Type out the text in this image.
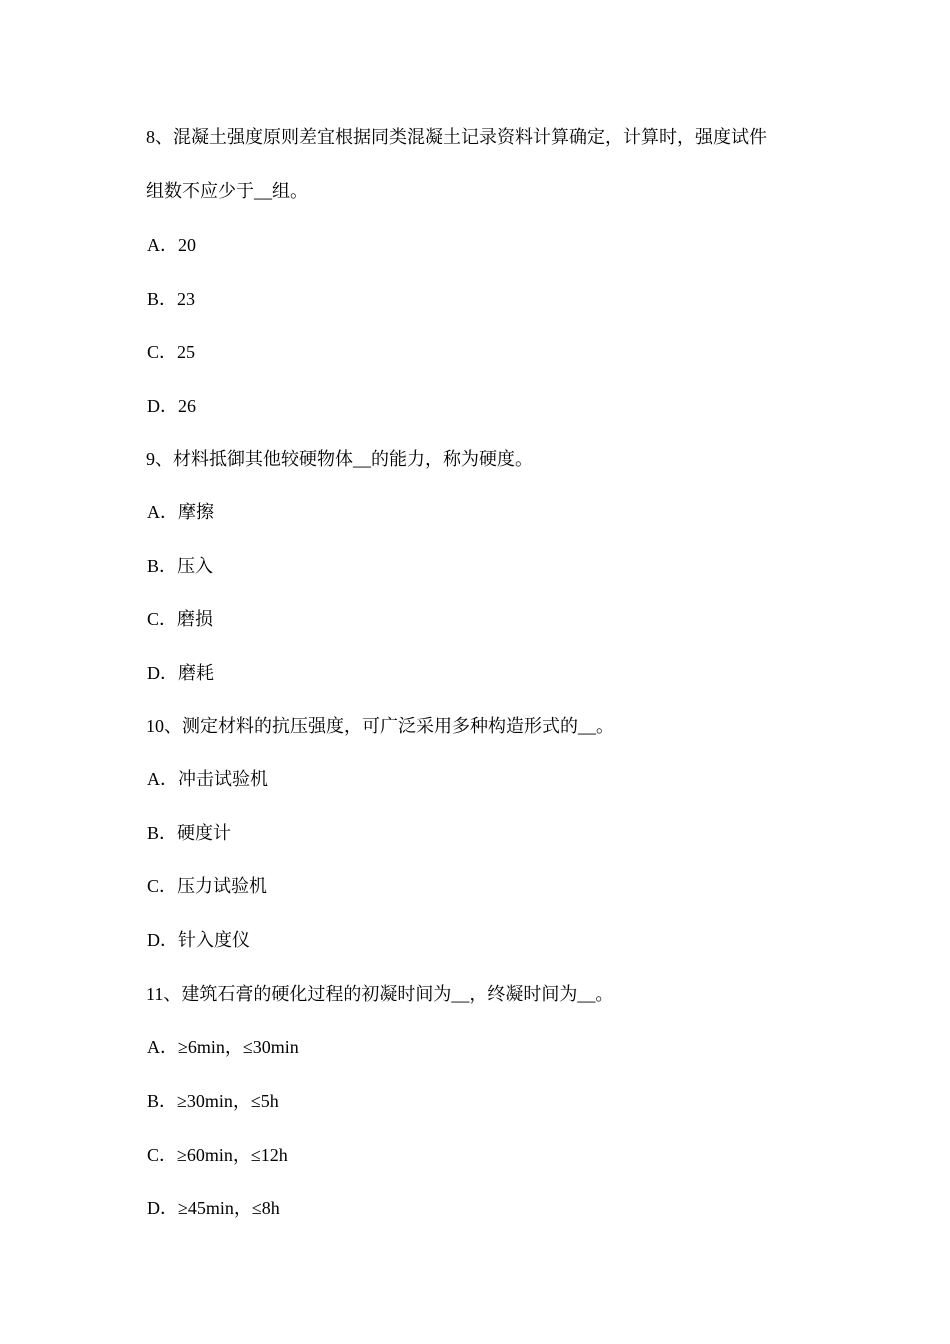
8、混凝土强度原则差宜根据同类混凝土记录资料计算确定，计算时，强度试件
组数不应少于__组。
A．20
B．23
C．25
D．26
9、材料抵御其他较硬物体__的能力，称为硬度。
A．摩擦
B．压入
C．磨损
D．磨耗
10、测定材料的抗压强度，可广泛采用多种构造形式的__。
A．冲击试验机
B．硬度计
C．压力试验机
D．针入度仪
11、建筑石膏的硬化过程的初凝时间为__，终凝时间为__。
A．≥6min，≤30min
B．≥30min，≤5h
C．≥60min，≤12h
D．≥45min，≤8h
